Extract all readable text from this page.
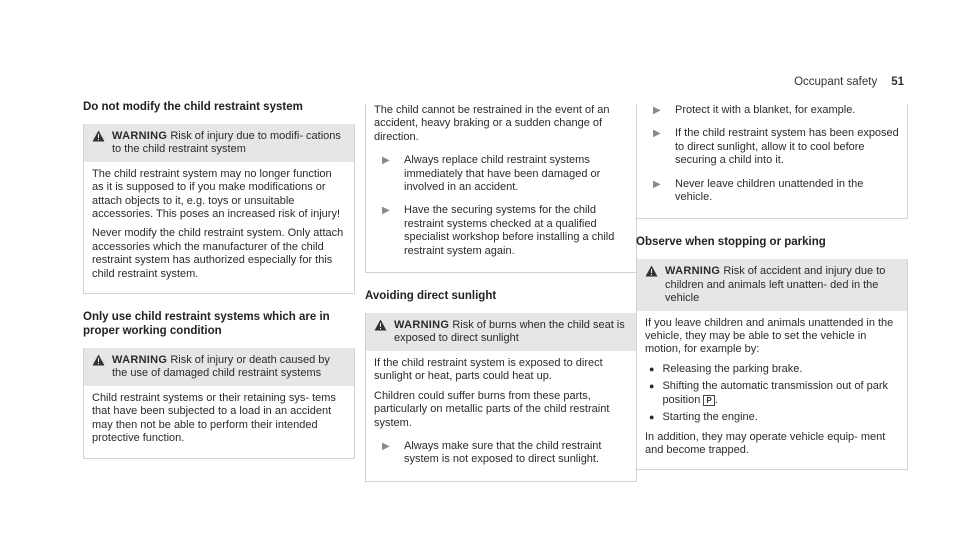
Occupant safety 51
Do not modify the child restraint system
WARNING Risk of injury due to modifi- cations to the child restraint system

The child restraint system may no longer function as it is supposed to if you make modifications or attach objects to it, e.g. toys or unsuitable accessories. This poses an increased risk of injury!

Never modify the child restraint system. Only attach accessories which the manufacturer of the child restraint system has authorized especially for this child restraint system.

Only use child restraint systems which are in proper working condition
WARNING Risk of injury or death caused by the use of damaged child restraint systems

Child restraint systems or their retaining sys- tems that have been subjected to a load in an accident may then not be able to perform their intended protective function.

The child cannot be restrained in the event of an accident, heavy braking or a sudden change of direction.

▶	Always replace child restraint systems immediately that have been damaged or involved in an accident.
▶	Have the securing systems for the child restraint systems checked at a qualified specialist workshop before installing a child restraint system again.
Avoiding direct sunlight
WARNING Risk of burns when the child seat is exposed to direct sunlight

If the child restraint system is exposed to direct sunlight or heat, parts could heat up.

Children could suffer burns from these parts, particularly on metallic parts of the child restraint system.

▶	Always make sure that the child restraint system is not exposed to direct sunlight.
▶	Protect it with a blanket, for example.
▶	If the child restraint system has been exposed to direct sunlight, allow it to cool before securing a child into it.
▶	Never leave children unattended in the vehicle.
Observe when stopping or parking
WARNING Risk of accident and injury due to children and animals left unatten- ded in the vehicle

If you leave children and animals unattended in the vehicle, they may be able to set the vehicle in motion, for example by:

● Releasing the parking brake.
● Shifting the automatic transmission out of park position P .
● Starting the engine.

In addition, they may operate vehicle equip- ment and become trapped.
